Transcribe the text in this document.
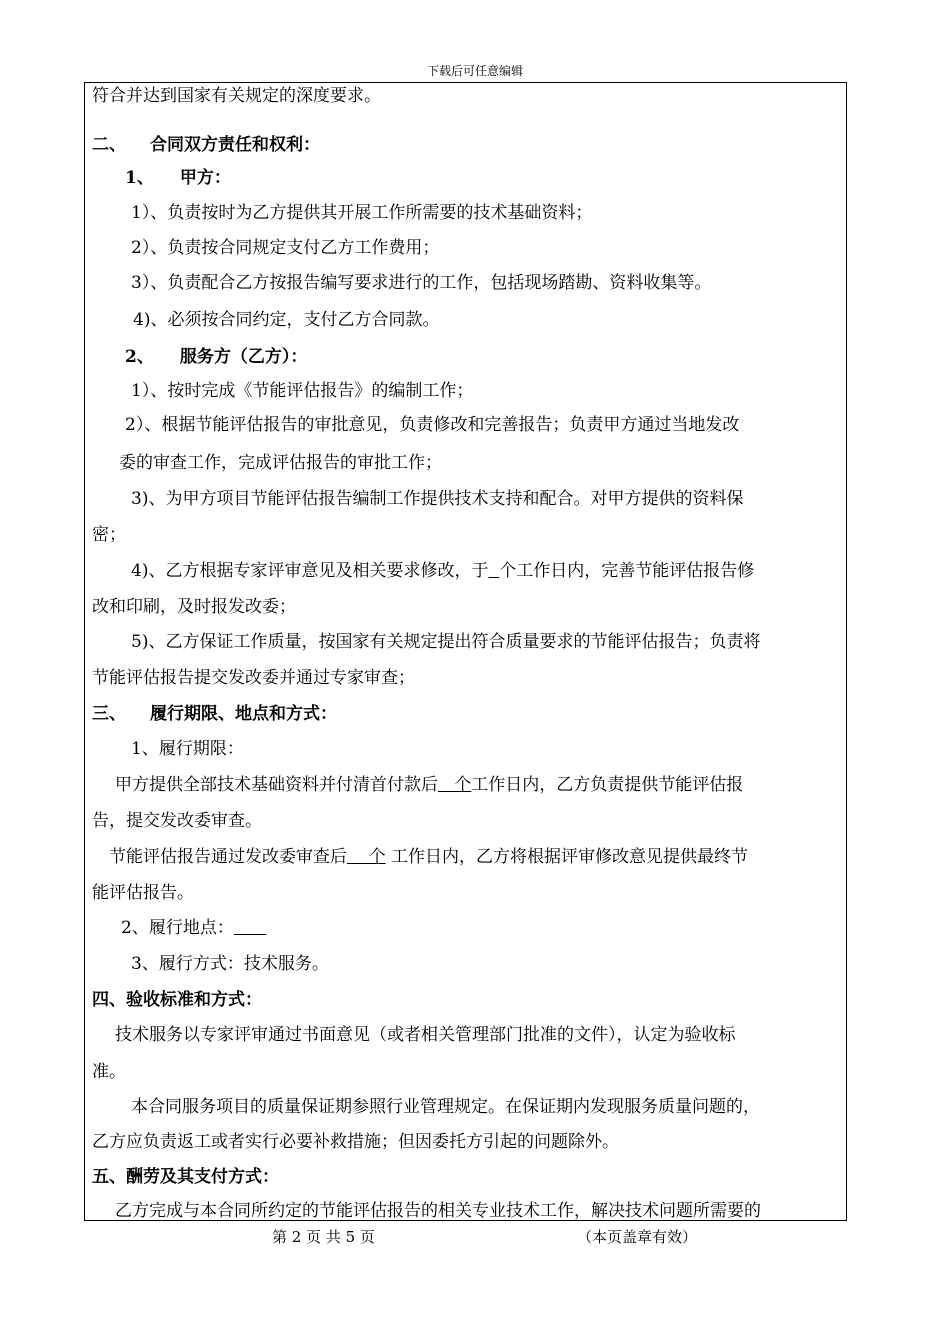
下载后可任意编辑
符合并达到国家有关规定的深度要求。
二、 合同双方责任和权利：
1、 甲方：
1）、负责按时为乙方提供其开展工作所需要的技术基础资料；
2）、负责按合同规定支付乙方工作费用；
3）、负责配合乙方按报告编写要求进行的工作，包括现场踏勘、资料收集等。
4)、必须按合同约定，支付乙方合同款。
2、 服务方（乙方）：
1）、按时完成《节能评估报告》的编制工作；
2）、根据节能评估报告的审批意见，负责修改和完善报告；负责甲方通过当地发改
委的审查工作，完成评估报告的审批工作；
3)、为甲方项目节能评估报告编制工作提供技术支持和配合。对甲方提供的资料保
密；
4)、乙方根据专家评审意见及相关要求修改，于 个工作日内，完善节能评估报告修
改和印刷，及时报发改委；
5)、乙方保证工作质量，按国家有关规定提出符合质量要求的节能评估报告；负责将
节能评估报告提交发改委并通过专家审查；
三、 履行期限、地点和方式：
1、履行期限：
甲方提供全部技术基础资料并付清首付款后   个工作日内，乙方负责提供节能评估报
告，提交发改委审查。
节能评估报告通过发改委审查后    个 工作日内，乙方将根据评审修改意见提供最终节
能评估报告。
2、履行地点：
3、履行方式：技术服务。
四、验收标准和方式：
技术服务以专家评审通过书面意见（或者相关管理部门批准的文件），认定为验收标
准。
本合同服务项目的质量保证期参照行业管理规定。在保证期内发现服务质量问题的，
乙方应负责返工或者实行必要补救措施；但因委托方引起的问题除外。
五、酬劳及其支付方式：
乙方完成与本合同所约定的节能评估报告的相关专业技术工作，解决技术问题所需要的
第 2 页 共 5 页	（本页盖章有效）
